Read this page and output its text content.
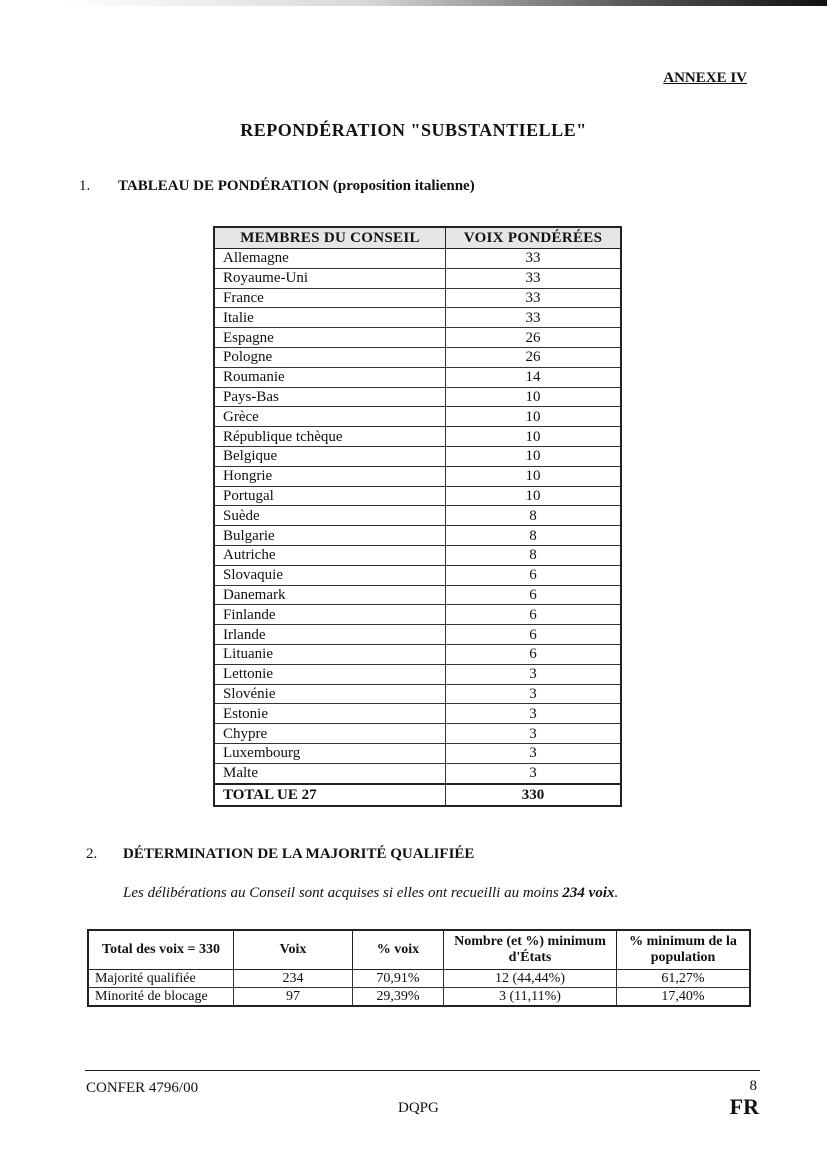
ANNEXE IV
REPONDÉRATION "SUBSTANTIELLE"
1. TABLEAU DE PONDÉRATION (proposition italienne)
MEMBRES DU CONSEIL	VOIX PONDÉRÉES
Allemagne	33
Royaume-Uni	33
France	33
Italie	33
Espagne	26
Pologne	26
Roumanie	14
Pays-Bas	10
Grèce	10
République tchèque	10
Belgique	10
Hongrie	10
Portugal	10
Suède	8
Bulgarie	8
Autriche	8
Slovaquie	6
Danemark	6
Finlande	6
Irlande	6
Lituanie	6
Lettonie	3
Slovénie	3
Estonie	3
Chypre	3
Luxembourg	3
Malte	3
TOTAL UE 27	330
2. DÉTERMINATION DE LA MAJORITÉ QUALIFIÉE
Les délibérations au Conseil sont acquises si elles ont recueilli au moins 234 voix.
Total des voix = 330	Voix	% voix	Nombre (et %) minimum d'États	% minimum de la population
Majorité qualifiée	234	70,91%	12 (44,44%)	61,27%
Minorité de blocage	97	29,39%	3 (11,11%)	17,40%
CONFER 4796/00	8
DQPG	FR
